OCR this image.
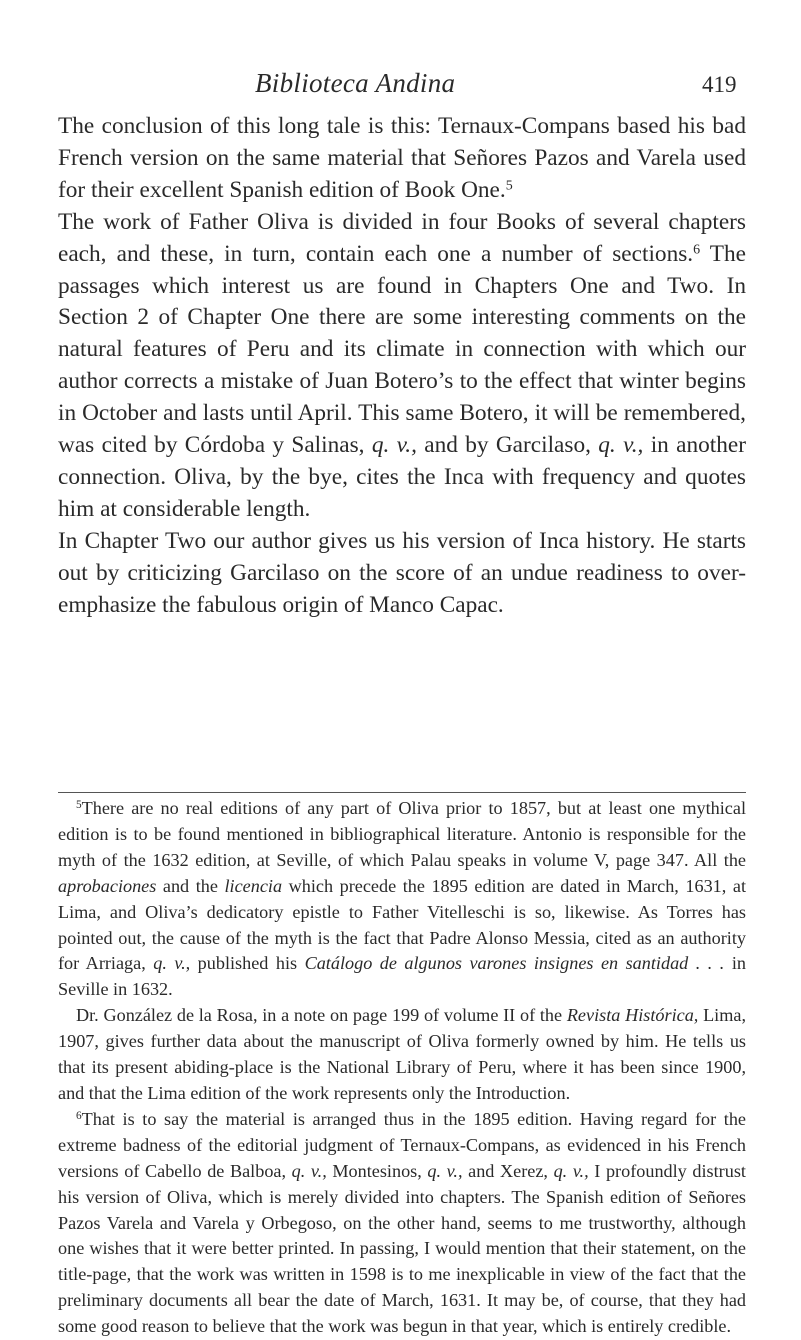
Biblioteca Andina	419

The conclusion of this long tale is this: Ternaux-Compans based his bad French version on the same material that Señores Pazos and Varela used for their excellent Spanish edition of Book One.$^5$

The work of Father Oliva is divided in four Books of several chapters each, and these, in turn, contain each one a number of sections.$^6$ The passages which interest us are found in Chapters One and Two. In Section 2 of Chapter One there are some interesting comments on the natural features of Peru and its climate in connection with which our author corrects a mistake of Juan Botero’s to the effect that winter begins in October and lasts until April. This same Botero, it will be remembered, was cited by Córdoba y Salinas, q. v., and by Garcilaso, q. v., in another connection. Oliva, by the bye, cites the Inca with frequency and quotes him at considerable length.

In Chapter Two our author gives us his version of Inca history. He starts out by criticizing Garcilaso on the score of an undue readiness to over-emphasize the fabulous origin of Manco Capac.

$^5$There are no real editions of any part of Oliva prior to 1857, but at least one mythical edition is to be found mentioned in bibliographical literature. Antonio is responsible for the myth of the 1632 edition, at Seville, of which Palau speaks in volume V, page 347. All the aprobaciones and the licencia which precede the 1895 edition are dated in March, 1631, at Lima, and Oliva’s dedicatory epistle to Father Vitelleschi is so, likewise. As Torres has pointed out, the cause of the myth is the fact that Padre Alonso Messia, cited as an authority for Arriaga, q. v., published his Catálogo de algunos varones insignes en santidad . . . in Seville in 1632.

Dr. González de la Rosa, in a note on page 199 of volume II of the Revista Histórica, Lima, 1907, gives further data about the manuscript of Oliva formerly owned by him. He tells us that its present abiding-place is the National Library of Peru, where it has been since 1900, and that the Lima edition of the work represents only the Introduction.

$^6$That is to say the material is arranged thus in the 1895 edition. Having regard for the extreme badness of the editorial judgment of Ternaux-Compans, as evidenced in his French versions of Cabello de Balboa, q. v., Montesinos, q. v., and Xerez, q. v., I profoundly distrust his version of Oliva, which is merely divided into chapters. The Spanish edition of Señores Pazos Varela and Varela y Orbegoso, on the other hand, seems to me trustworthy, although one wishes that it were better printed. In passing, I would mention that their statement, on the title-page, that the work was written in 1598 is to me inexplicable in view of the fact that the preliminary documents all bear the date of March, 1631. It may be, of course, that they had some good reason to believe that the work was begun in that year, which is entirely credible.
